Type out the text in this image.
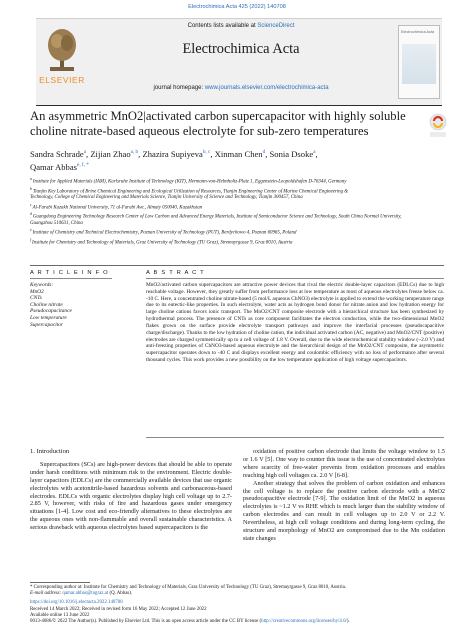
Electrochimica Acta 425 (2022) 140708
ELSEVIER
Contents lists available at ScienceDirect
Electrochimica Acta
journal homepage: www.journals.elsevier.com/electrochimica-acta
Electrochimica Acta
An asymmetric MnO2|activated carbon supercapacitor with highly soluble choline nitrate-based aqueous electrolyte for sub-zero temperatures
Sandra Schrade$^a$, Zijian Zhao$^{a, b}$, Zhazira Supiyeva$^{b, c}$, Xinman Chen$^d$, Sonia Dsoke$^a$,
Qamar Abbas$^{e, f, *}$
$^a$ Institute for Applied Materials (IAM), Karlsruhe Institute of Technology (KIT), Hermann-von-Helmholtz-Platz 1, Eggenstein-Leopoldshafen D-76344, Germany
$^b$ Tianjin Key Laboratory of Brine Chemical Engineering and Ecological Utilization of Resources, Tianjin Engineering Center of Marine Chemical Engineering &
Technology, College of Chemical Engineering and Materials Science, Tianjin University of Science and Technology, Tianjin 300457, China
$^c$ Al-Farabi Kazakh National University, 71 al-Farabi Ave., Almaty 050040, Kazakhstan
$^d$ Guangdong Engineering Technology Research Center of Low Carbon and Advanced Energy Materials, Institute of Semiconductor Science and Technology, South China Normal University,
Guangzhou 510631, China
$^e$ Institute of Chemistry and Technical Electrochemistry, Poznan University of Technology (PUT), Berdychowo 4, Poznan 60965, Poland
$^f$ Institute for Chemistry and Technology of Materials, Graz University of Technology (TU Graz), Stremayrgasse 9, Graz 8010, Austria
A R T I C L E I N F O
Keywords:
MnO2
CNTs
Choline nitrate
Pseudocapacitance
Low temperature
Supercapacitor
A B S T R A C T
MnO2/activated carbon supercapacitors are attractive power devices that rival the electric double-layer capacitors (EDLCs) due to high reachable voltage. However, they greatly suffer from performance loss at low temperature as most of aqueous electrolytes freeze below ca. -10 C. Here, a concentrated choline nitrate-based (5 mol/L aqueous ChNO3) electrolyte is applied to extend the working temperature range due to its eutectic-like properties. In such electrolyte, water acts as hydrogen bond donor for nitrate anion and low hydration energy for large choline cations favors ionic transport. The MnO2/CNT composite electrode with a hierarchical structure has been synthesized by hydrothermal process. The presence of CNTs as core component facilitates the electron conduction, while the two-dimensional MnO2 flakes grown on the surface provide electrolyte transport pathways and improve the interfacial processes (pseudocapacitive charge/discharge). Thanks to the low hydration of choline cation, the individual activated carbon (AC, negative) and MnO2/CNT (positive) electrodes are charged symmetrically up to a cell voltage of 1.8 V. Overall, due to the wide electrochemical stability window (~2.0 V) and anti-freezing properties of ChNO3-based aqueous electrolyte and the hierarchical design of the MnO2/CNT composite, the asymmetric supercapacitor operates down to -40 C and displays excellent energy and coulombic efficiency with no loss of performance after several thousand cycles. This work provides a new possibility on the low temperature application of high voltage supercapacitors.
1. Introduction
Supercapacitors (SCs) are high-power devices that should be able to operate under harsh conditions with minimum risk to the environment. Electric double-layer capacitors (EDLCs) are the commercially available devices that use organic electrolytes with acetonitrile-based hazardous solvents and carbonaceous-based electrodes. EDLCs with organic electrolytes display high cell voltage up to 2.7-2.85 V, however, with risks of fire and hazardous gases under emergency situations [1-4]. Low cost and eco-friendly alternatives to these electrolytes are the aqueous ones with non-flammable and overall sustainable characteristics. A serious drawback with aqueous electrolytes based supercapacitors is the
oxidation of positive carbon electrode that limits the voltage window to 1.5 or 1.6 V [5]. One way to counter this issue is the use of concentrated electrolytes where scarcity of free-water prevents from oxidation processes and enables reaching high cell voltages ca. 2.0 V [6-8].
Another strategy that solves the problem of carbon oxidation and enhances the cell voltage is to replace the positive carbon electrode with a MnO2 pseudocapacitive electrode [7-9]. The oxidation limit of the MnO2 in aqueous electrolytes is ~1.2 V vs RHE which is much larger than the stability window of carbon electrodes and can result in cell voltages up to 2.0 V or 2.2 V. Nevertheless, at high cell voltage conditions and during long-term cycling, the structure and morphology of MnO2 are compromised due to the Mn oxidation state changes
* Corresponding author at: Institute for Chemistry and Technology of Materials, Graz University of Technology (TU Graz), Stremayrgasse 9, Graz 8010, Austria.
E-mail address: qamar.abbas@tugraz.at (Q. Abbas).
https://doi.org/10.1016/j.electacta.2022.140708
Received 14 March 2022; Received in revised form 16 May 2022; Accepted 12 June 2022
Available online 13 June 2022
0013-4686/© 2022 The Author(s). Published by Elsevier Ltd. This is an open access article under the CC BY license (http://creativecommons.org/licenses/by/4.0/).
